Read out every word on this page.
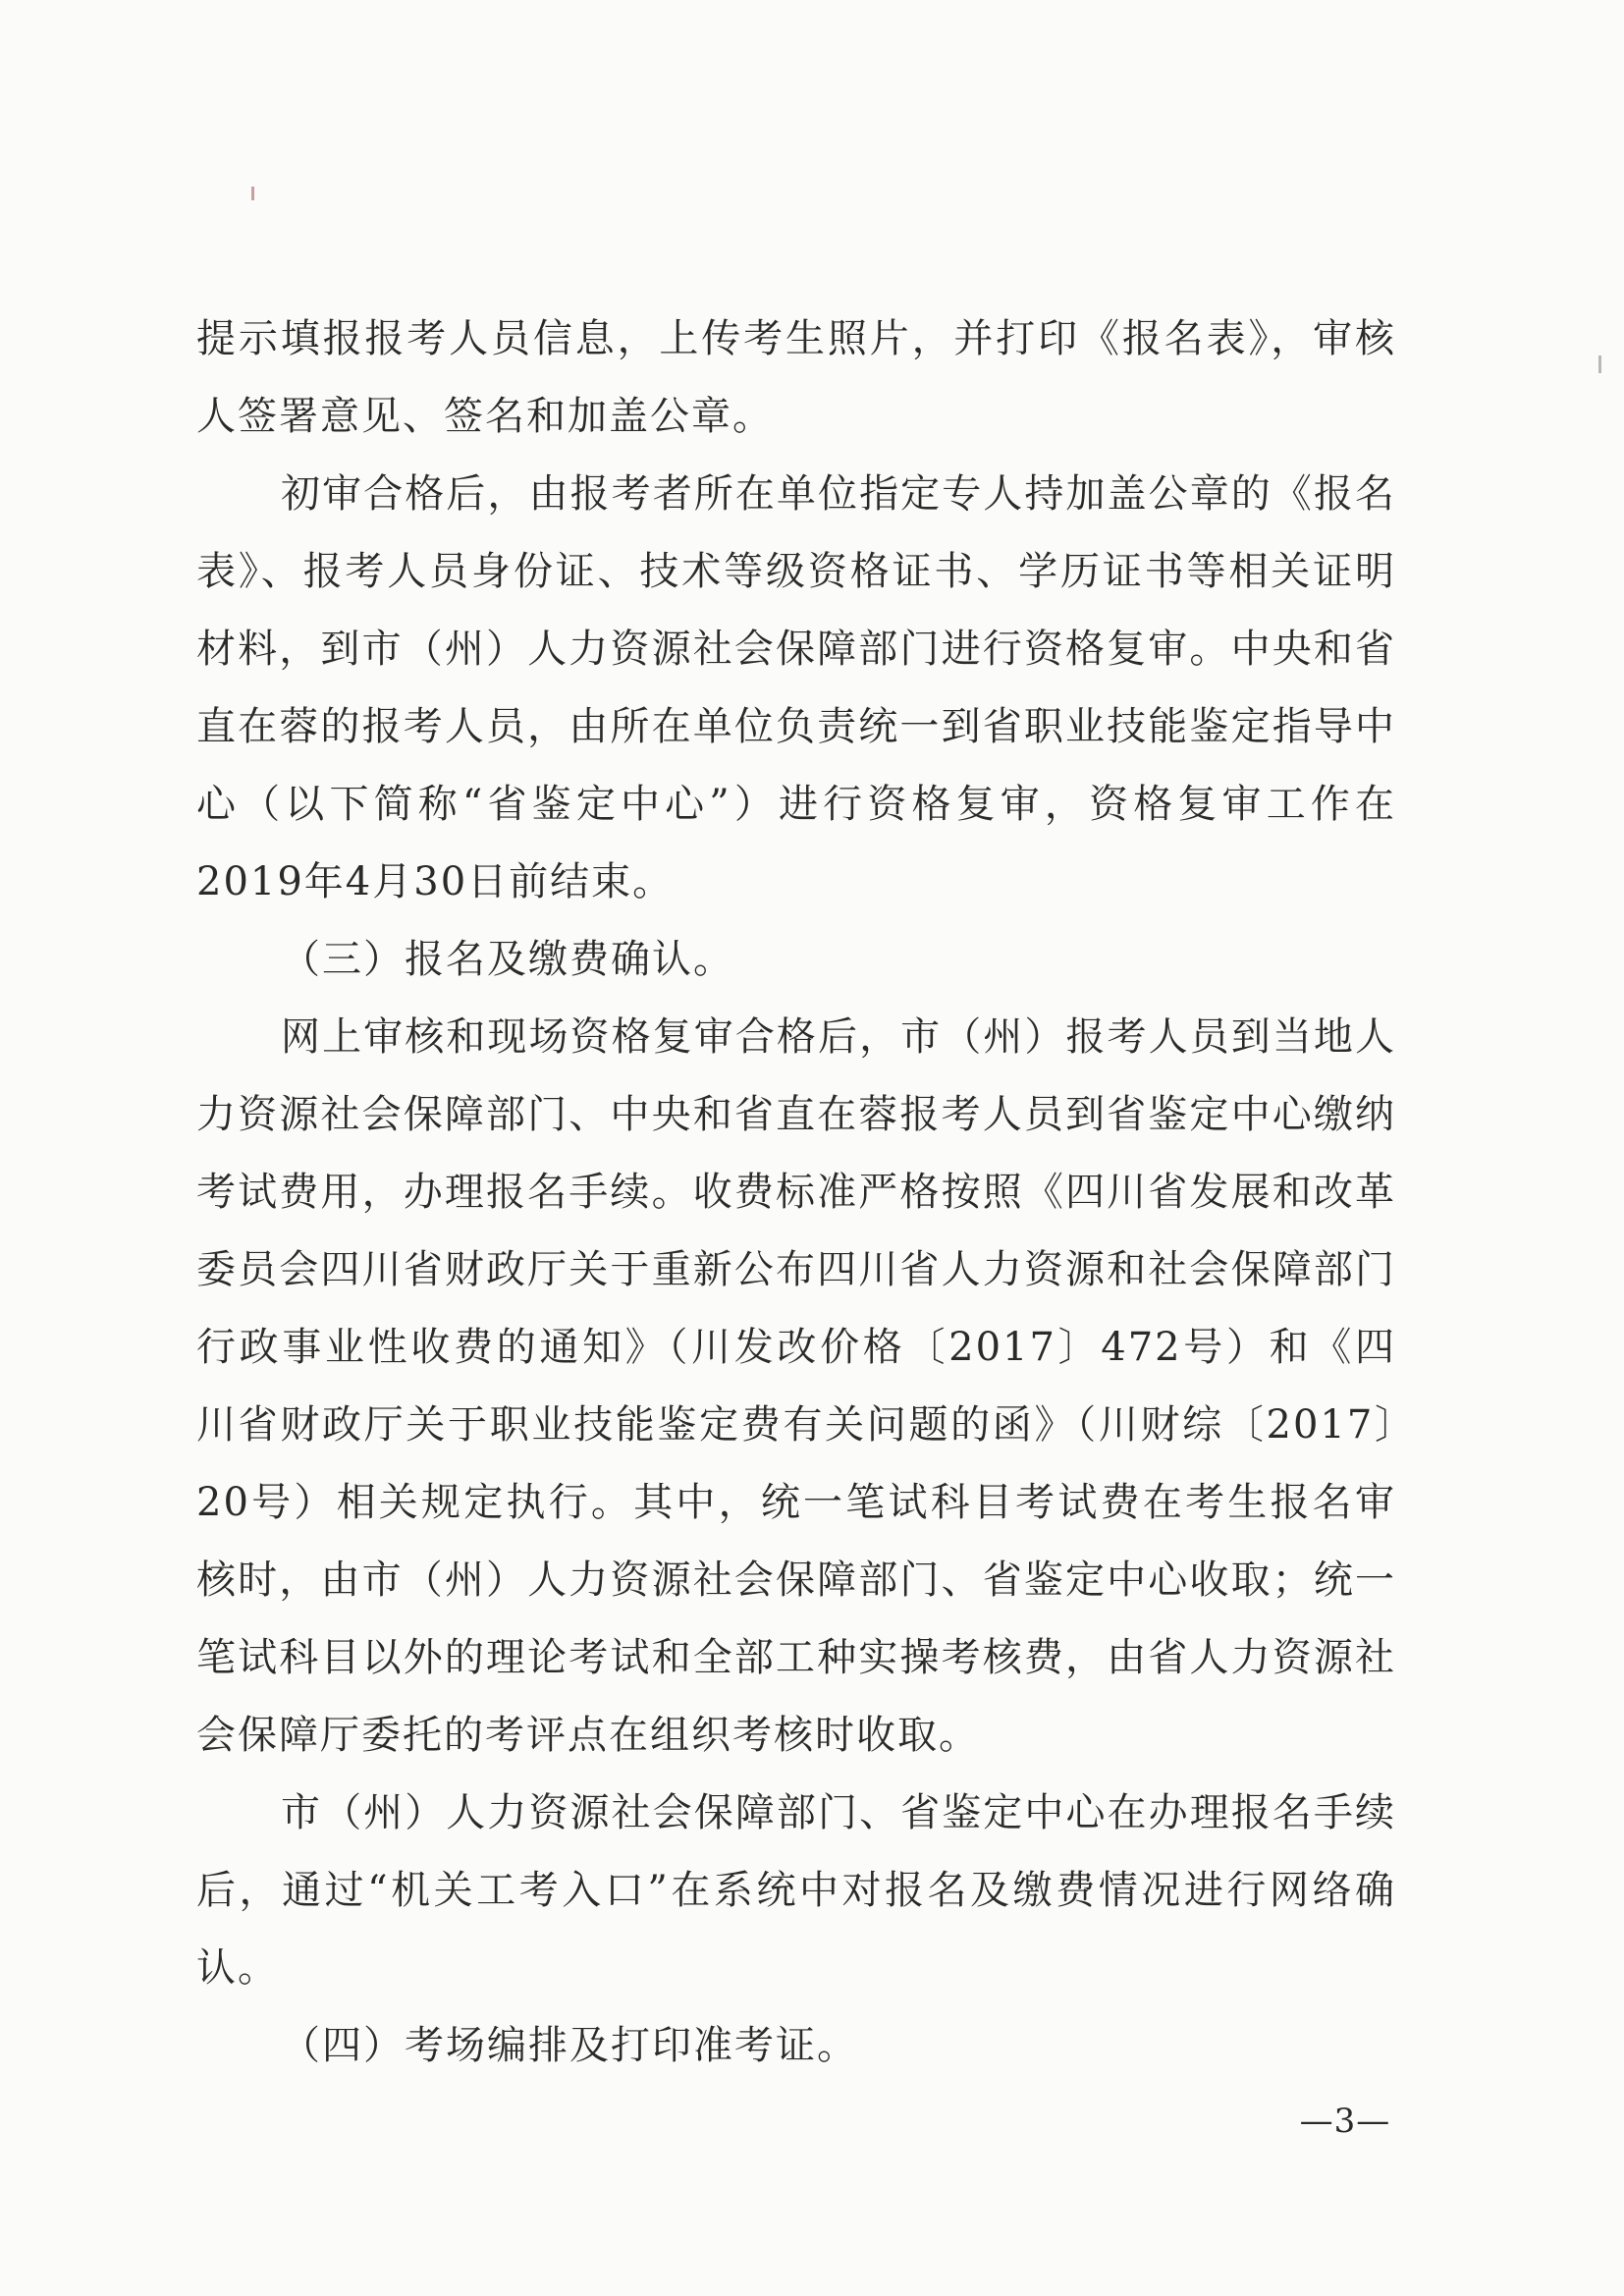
提示填报报考人员信息，上传考生照片，并打印《报名表》，审核人签署意见、签名和加盖公章。

初审合格后，由报考者所在单位指定专人持加盖公章的《报名表》、报考人员身份证、技术等级资格证书、学历证书等相关证明材料，到市（州）人力资源社会保障部门进行资格复审。中央和省直在蓉的报考人员，由所在单位负责统一到省职业技能鉴定指导中心（以下简称“省鉴定中心”）进行资格复审，资格复审工作在2019年4月30日前结束。

（三）报名及缴费确认。

网上审核和现场资格复审合格后，市（州）报考人员到当地人力资源社会保障部门、中央和省直在蓉报考人员到省鉴定中心缴纳考试费用，办理报名手续。收费标准严格按照《四川省发展和改革委员会四川省财政厅关于重新公布四川省人力资源和社会保障部门行政事业性收费的通知》（川发改价格〔2017〕472号）和《四川省财政厅关于职业技能鉴定费有关问题的函》（川财综〔2017〕20号）相关规定执行。其中，统一笔试科目考试费在考生报名审核时，由市（州）人力资源社会保障部门、省鉴定中心收取；统一笔试科目以外的理论考试和全部工种实操考核费，由省人力资源社会保障厅委托的考评点在组织考核时收取。

市（州）人力资源社会保障部门、省鉴定中心在办理报名手续后，通过“机关工考入口”在系统中对报名及缴费情况进行网络确认。

（四）考场编排及打印准考证。

—3—
